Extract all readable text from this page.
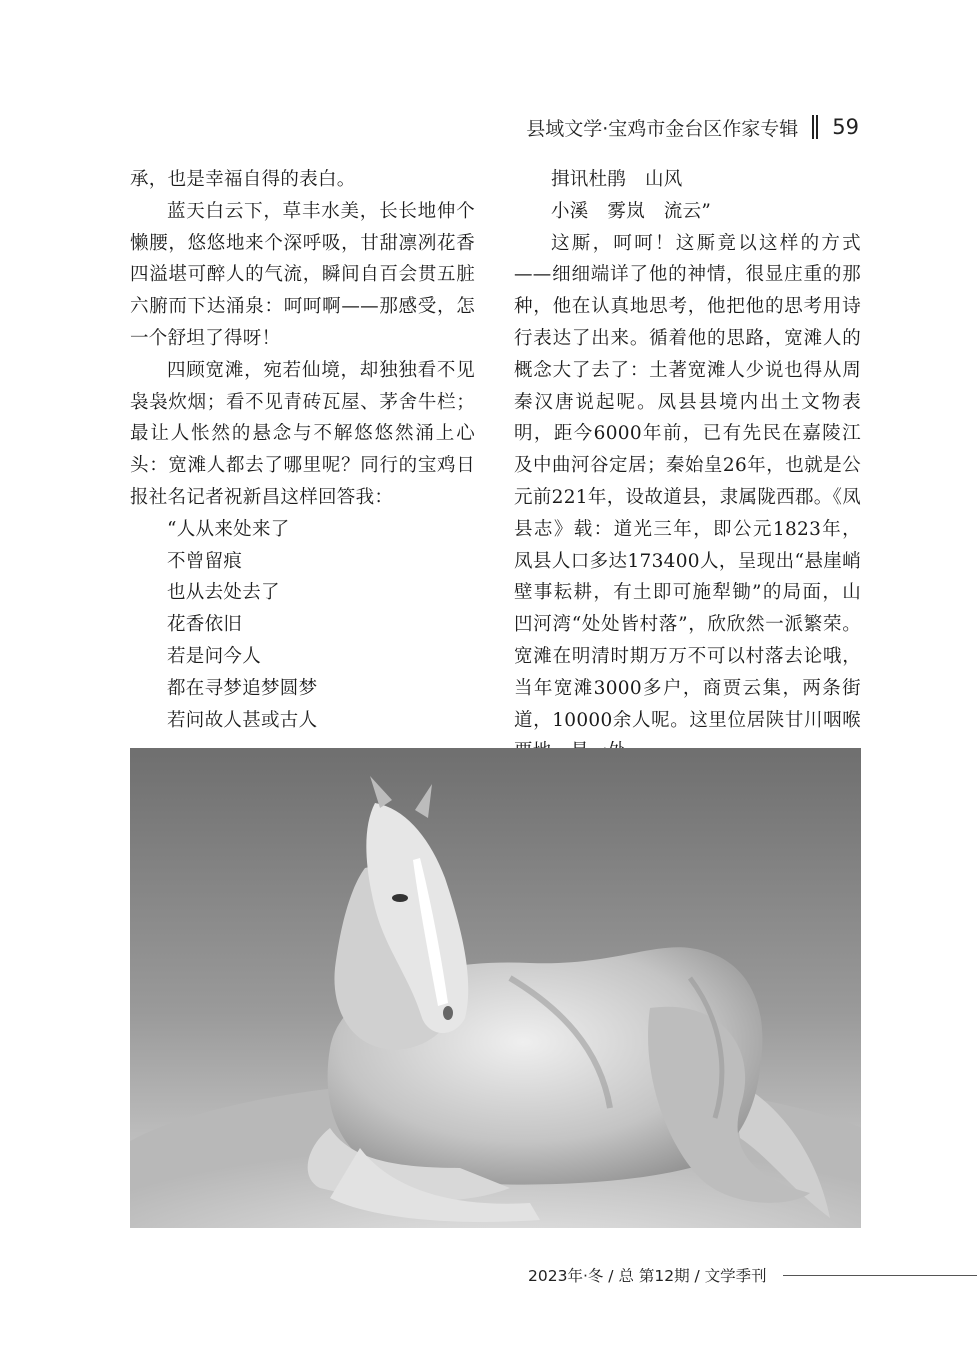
县域文学·宝鸡市金台区作家专辑 59

承，也是幸福自得的表白。

蓝天白云下，草丰水美，长长地伸个懒腰，悠悠地来个深呼吸，甘甜凛冽花香四溢堪可醉人的气流，瞬间自百会贯五脏六腑而下达涌泉：呵呵啊——那感受，怎一个舒坦了得呀！

四顾宽滩，宛若仙境，却独独看不见袅袅炊烟；看不见青砖瓦屋、茅舍牛栏；最让人怅然的悬念与不解悠悠然涌上心头：宽滩人都去了哪里呢？同行的宝鸡日报社名记者祝新昌这样回答我：

“人从来处来了

不曾留痕

也从去处去了

花香依旧

若是问今人

都在寻梦追梦圆梦

若问故人甚或古人

揖讯杜鹃　山风

小溪　雾岚　流云”

这厮，呵呵！这厮竟以这样的方式——细细端详了他的神情，很显庄重的那种，他在认真地思考，他把他的思考用诗行表达了出来。循着他的思路，宽滩人的概念大了去了：土著宽滩人少说也得从周秦汉唐说起呢。凤县县境内出土文物表明，距今6000年前，已有先民在嘉陵江及中曲河谷定居；秦始皇26年，也就是公元前221年，设故道县，隶属陇西郡。《凤县志》载：道光三年，即公元1823年，凤县人口多达173400人，呈现出“悬崖峭壁事耘耕，有土即可施犁锄”的局面，山凹河湾“处处皆村落”，欣欣然一派繁荣。宽滩在明清时期万万不可以村落去论哦，当年宽滩3000多户，商贾云集，两条街道，10000余人呢。这里位居陕甘川咽喉

2023年·冬 / 总 第12期 / 文学季刊
